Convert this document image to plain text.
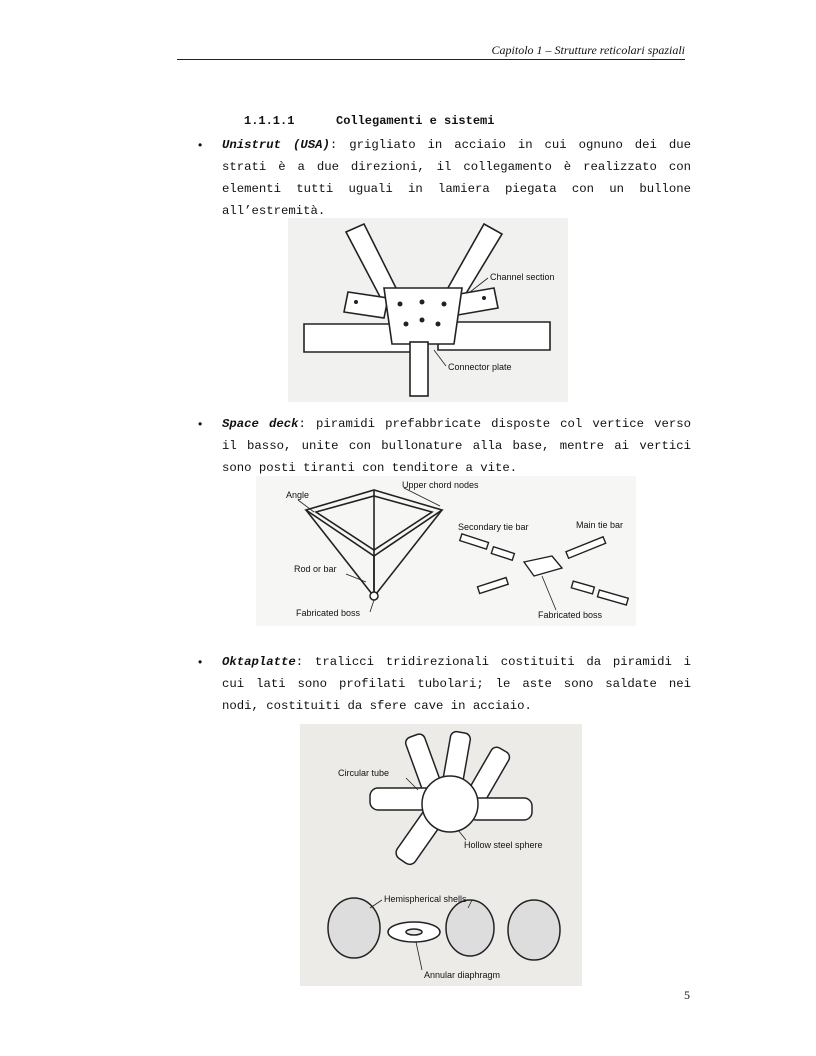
Capitolo 1 – Strutture reticolari spaziali
1.1.1.1	Collegamenti e sistemi
• Unistrut (USA): grigliato in acciaio in cui ognuno dei due strati è a due direzioni, il collegamento è realizzato con elementi tutti uguali in lamiera piegata con un bullone all’estremità.
Channel section
Connector plate
• Space deck: piramidi prefabbricate disposte col vertice verso il basso, unite con bullonature alla base, mentre ai vertici sono posti tiranti con tenditore a vite.
Angle
Upper chord nodes
Secondary tie bar	Main tie bar
Rod or bar
Fabricated boss	Fabricated boss
• Oktaplatte: tralicci tridirezionali costituiti da piramidi i cui lati sono profilati tubolari; le aste sono saldate nei nodi, costituiti da sfere cave in acciaio.
Circular tube
Hollow steel sphere
Hemispherical shells
Annular diaphragm
5
